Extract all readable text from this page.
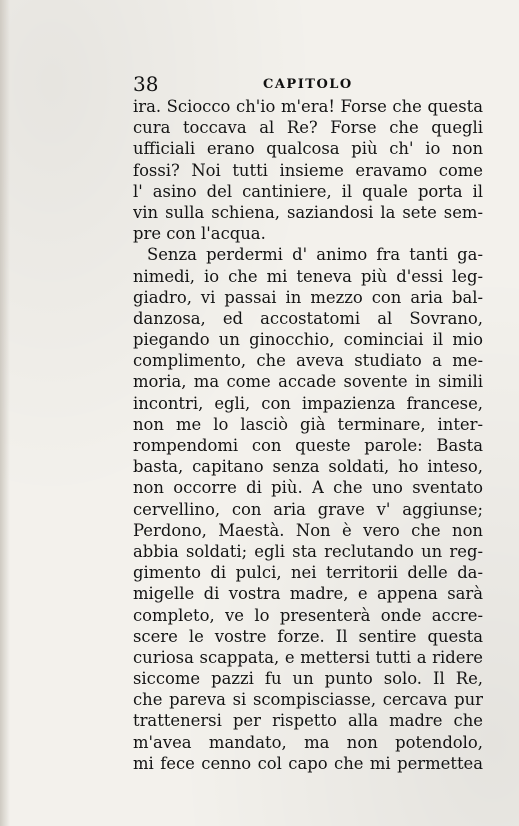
38	CAPITOLO
ira. Sciocco ch'io m'era! Forse che questa
cura toccava al Re? Forse che quegli
ufficiali erano qualcosa più ch' io non
fossi? Noi tutti insieme eravamo come
l' asino del cantiniere, il quale porta il
vin sulla schiena, saziandosi la sete sem-
pre con l'acqua.
Senza perdermi d' animo fra tanti ga-
nimedi, io che mi teneva più d'essi leg-
giadro, vi passai in mezzo con aria bal-
danzosa, ed accostatomi al Sovrano,
piegando un ginocchio, cominciai il mio
complimento, che aveva studiato a me-
moria, ma come accade sovente in simili
incontri, egli, con impazienza francese,
non me lo lasciò già terminare, inter-
rompendomi con queste parole: Basta
basta, capitano senza soldati, ho inteso,
non occorre di più. A che uno sventato
cervellino, con aria grave v' aggiunse;
Perdono, Maestà. Non è vero che non
abbia soldati; egli sta reclutando un reg-
gimento di pulci, nei territorii delle da-
migelle di vostra madre, e appena sarà
completo, ve lo presenterà onde accre-
scere le vostre forze. Il sentire questa
curiosa scappata, e mettersi tutti a ridere
siccome pazzi fu un punto solo. Il Re,
che pareva si scompisciasse, cercava pur
trattenersi per rispetto alla madre che
m'avea mandato, ma non potendolo,
mi fece cenno col capo che mi permettea
